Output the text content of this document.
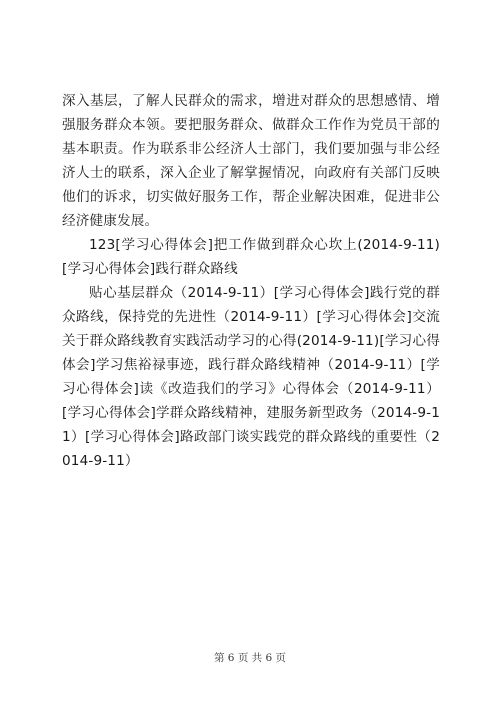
深入基层，了解人民群众的需求，增进对群众的思想感情、增强服务群众本领。要把服务群众、做群众工作作为党员干部的基本职责。作为联系非公经济人士部门，我们要加强与非公经济人士的联系，深入企业了解掌握情况，向政府有关部门反映他们的诉求，切实做好服务工作，帮企业解决困难，促进非公经济健康发展。

123[学习心得体会]把工作做到群众心坎上(2014-9-11)[学习心得体会]践行群众路线

贴心基层群众（2014-9-11）[学习心得体会]践行党的群众路线，保持党的先进性（2014-9-11）[学习心得体会]交流关于群众路线教育实践活动学习的心得(2014-9-11)[学习心得体会]学习焦裕禄事迹，践行群众路线精神（2014-9-11）[学习心得体会]读《改造我们的学习》心得体会（2014-9-11）[学习心得体会]学群众路线精神，建服务新型政务（2014-9-11）[学习心得体会]路政部门谈实践党的群众路线的重要性（2014-9-11）

第 6 页 共 6 页
